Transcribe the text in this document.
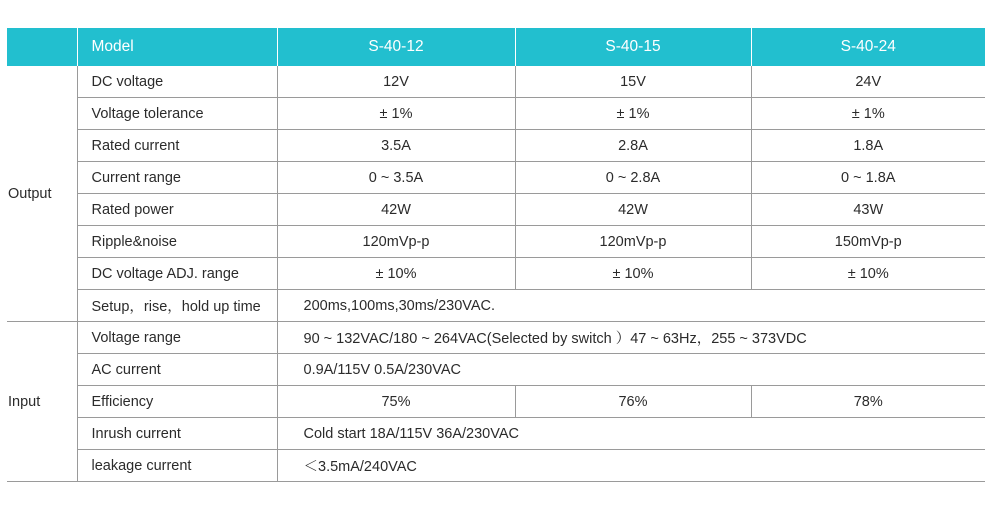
	Model	S-40-12	S-40-15	S-40-24
Output	DC voltage	12V	15V	24V
	Voltage tolerance	± 1%	± 1%	± 1%
	Rated current	3.5A	2.8A	1.8A
	Current range	0 ~ 3.5A	0 ~ 2.8A	0 ~ 1.8A
	Rated power	42W	42W	43W
	Ripple&noise	120mVp-p	120mVp-p	150mVp-p
	DC voltage ADJ. range	± 10%	± 10%	± 10%
	Setup，rise，hold up time	200ms,100ms,30ms/230VAC.		
Input	Voltage range	90 ~ 132VAC/180 ~ 264VAC(Selected by switch ）47 ~ 63Hz，255 ~ 373VDC		
	AC current	0.9A/115V 0.5A/230VAC		
	Efficiency	75%	76%	78%
	Inrush current	Cold start 18A/115V 36A/230VAC		
	leakage current	＜3.5mA/240VAC		
